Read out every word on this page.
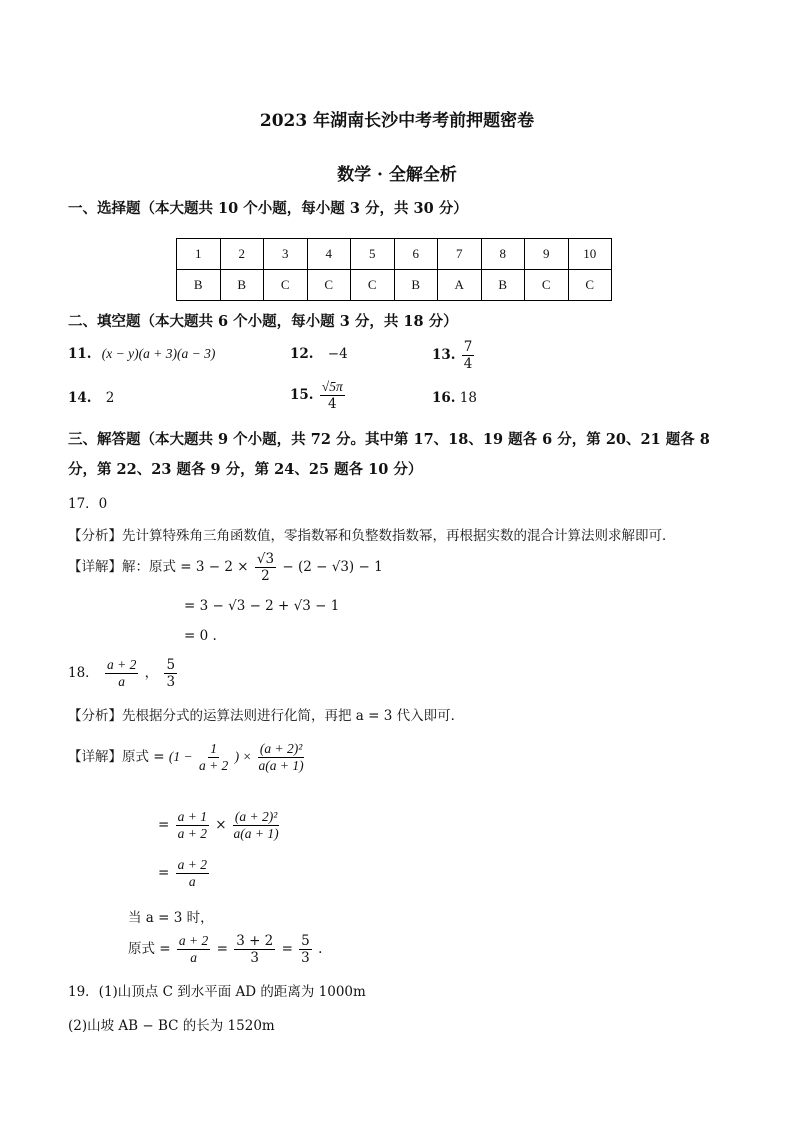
2023 年湖南长沙中考考前押题密卷
数学 · 全解全析
一、选择题（本大题共 10 个小题，每小题 3 分，共 30 分）
1	2	3	4	5	6	7	8	9	10
B	B	C	C	C	B	A	B	C	C
二、填空题（本大题共 6 个小题，每小题 3 分，共 18 分）
11. (x − y)(a + 3)(a − 3)	12. −4	13. $\frac{7}{4}$
14. 2	15. $\frac{√5\pi}{4}$	16. 18
三、解答题（本大题共 9 个小题，共 72 分。其中第 17、18、19 题各 6 分，第 20、21 题各 8
分，第 22、23 题各 9 分，第 24、25 题各 10 分）
17．0
【分析】先计算特殊角三角函数值，零指数幂和负整数指数幂，再根据实数的混合计算法则求解即可．
【详解】解：原式 = $3 - 2 \times \frac{√3}{2} - (2 - √3) - 1$
= 3 − √3 − 2 + √3 − 1
= 0 .
18． $\frac{a + 2}{a}$ ， $\frac{5}{3}$
【分析】先根据分式的运算法则进行化简，再把 a = 3 代入即可．
【详解】原式 = ($1 - \frac{1}{a + 2}$ ) × $\frac{\text{(a + 2)²}}{a(a + 1)}$
= $\frac{a + 1}{a + 2} \times \frac{\text{(a + 2)²}}{a(a + 1)}$
= $\frac{a + 2}{a}$
当 a = 3 时，
原式 = $\frac{a + 2}{a} = \frac{3 + 2}{3} = \frac{5}{3}$ .
19．(1)山顶点 C 到水平面 AD 的距离为 1000m
(2)山坡 AB − BC 的长为 1520m
